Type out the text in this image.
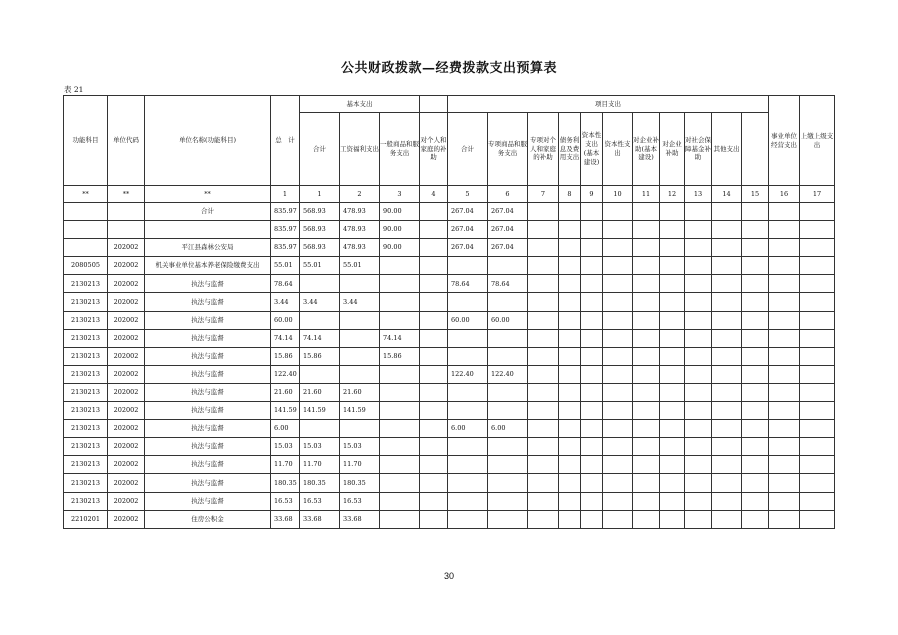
公共财政拨款—经费拨款支出预算表
表 21
功能科目	单位代码	单位名称(功能科目)	总　计	基本支出				项目支出											事业单位经营支出	上缴上级支出	
				合计	工资福利支出	一般商品和服务支出	对个人和家庭的补助	合计	专项商品和服务支出	专项对个人和家庭的补助	债务利息及费用支出	资本性支出(基本建设)	资本性支出	对企业补助(基本建设)	对企业补助	对社会保障基金补助	其他支出				
**	**	**	1	1	2	3	4	5	6	7	8	9	10	11	12	13	14	15	16	17	
		合计	835.97	568.93	478.93	90.00		267.04	267.04												
			835.97	568.93	478.93	90.00		267.04	267.04												
	202002	平江县森林公安局	835.97	568.93	478.93	90.00		267.04	267.04												
2080505	202002	机关事业单位基本养老保险缴费支出	55.01	55.01	55.01																
2130213	202002	执法与监督	78.64					78.64	78.64												
2130213	202002	执法与监督	3.44	3.44	3.44																
2130213	202002	执法与监督	60.00					60.00	60.00												
2130213	202002	执法与监督	74.14	74.14		74.14															
2130213	202002	执法与监督	15.86	15.86		15.86															
2130213	202002	执法与监督	122.40					122.40	122.40												
2130213	202002	执法与监督	21.60	21.60	21.60																
2130213	202002	执法与监督	141.59	141.59	141.59																
2130213	202002	执法与监督	6.00					6.00	6.00												
2130213	202002	执法与监督	15.03	15.03	15.03																
2130213	202002	执法与监督	11.70	11.70	11.70																
2130213	202002	执法与监督	180.35	180.35	180.35																
2130213	202002	执法与监督	16.53	16.53	16.53																
2210201	202002	住房公积金	33.68	33.68	33.68																
30
